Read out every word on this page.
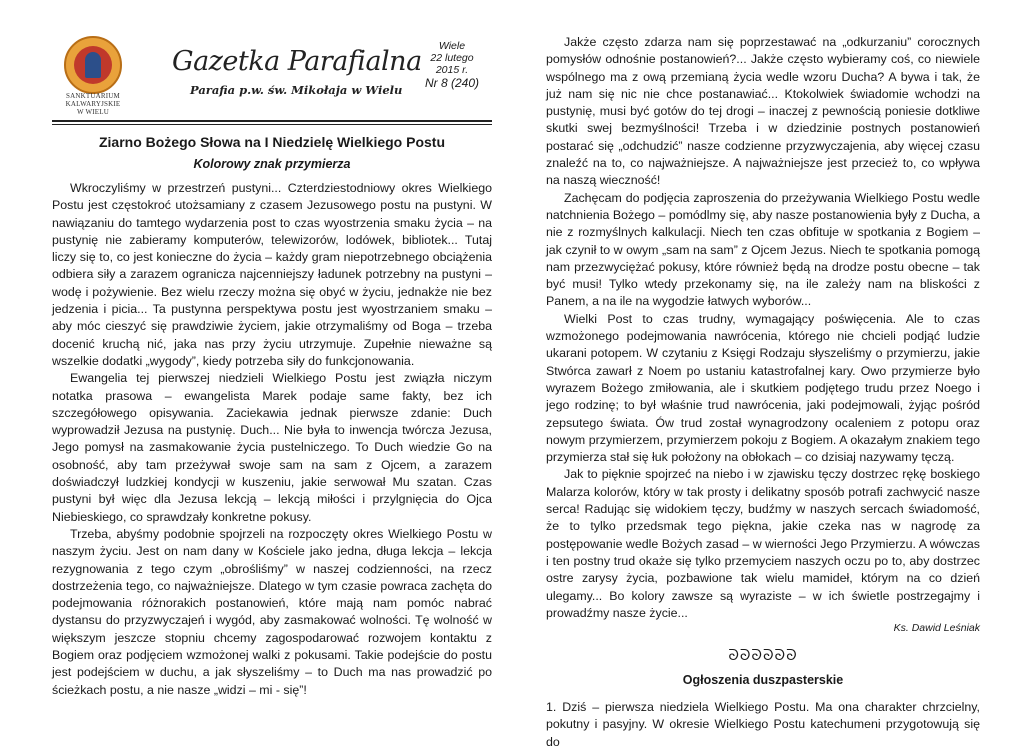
SANKTUARIUM
KALWARYJSKIE
W WIELU
Gazetka Parafialna
Parafia p.w. św. Mikołaja w Wielu
Wiele
22 lutego
2015 r.
Nr 8 (240)
Ziarno Bożego Słowa na I Niedzielę Wielkiego Postu
Kolorowy znak przymierza

Wkroczyliśmy w przestrzeń pustyni... Czterdziestodniowy okres Wielkiego Postu jest częstokroć utożsamiany z czasem Jezusowego postu na pustyni. W nawiązaniu do tamtego wydarzenia post to czas wyostrzenia smaku życia – na pustynię nie zabieramy komputerów, telewizorów, lodówek, bibliotek... Tutaj liczy się to, co jest konieczne do życia – każdy gram niepotrzebnego obciążenia odbiera siły a zarazem ogranicza najcenniejszy ładunek potrzebny na pustyni – wodę i pożywienie. Bez wielu rzeczy można się obyć w życiu, jednakże nie bez jedzenia i picia... Ta pustynna perspektywa postu jest wyostrzaniem smaku – aby móc cieszyć się prawdziwie życiem, jakie otrzymaliśmy od Boga – trzeba docenić kruchą nić, jaka nas przy życiu utrzymuje. Zupełnie nieważne są wszelkie dodatki „wygody”, kiedy potrzeba siły do funkcjonowania.

Ewangelia tej pierwszej niedzieli Wielkiego Postu jest związła niczym notatka prasowa – ewangelista Marek podaje same fakty, bez ich szczegółowego opisywania. Zaciekawia jednak pierwsze zdanie: Duch wyprowadził Jezusa na pustynię. Duch... Nie była to inwencja twórcza Jezusa, Jego pomysł na zasmakowanie życia pustelniczego. To Duch wiedzie Go na osobność, aby tam przeżywał swoje sam na sam z Ojcem, a zarazem doświadczył ludzkiej kondycji w kuszeniu, jakie serwował Mu szatan. Czas pustyni był więc dla Jezusa lekcją – lekcją miłości i przylgnięcia do Ojca Niebieskiego, co sprawdzały konkretne pokusy.

Trzeba, abyśmy podobnie spojrzeli na rozpoczęty okres Wielkiego Postu w naszym życiu. Jest on nam dany w Kościele jako jedna, długa lekcja – lekcja rezygnowania z tego czym „obrośliśmy” w naszej codzienności, na rzecz dostrzeżenia tego, co najważniejsze. Dlatego w tym czasie powraca zachęta do podejmowania różnorakich postanowień, które mają nam pomóc nabrać dystansu do przyzwyczajeń i wygód, aby zasmakować wolności. Tę wolność w większym jeszcze stopniu chcemy zagospodarować rozwojem kontaktu z Bogiem oraz podjęciem wzmożonej walki z pokusami. Takie podejście do postu jest podejściem w duchu, a jak słyszeliśmy – to Duch ma nas prowadzić po ścieżkach postu, a nie nasze „widzi – mi - się”!

Jakże często zdarza nam się poprzestawać na „odkurzaniu” corocznych pomysłów odnośnie postanowień?... Jakże często wybieramy coś, co niewiele wspólnego ma z ową przemianą życia wedle wzoru Ducha? A bywa i tak, że już nam się nic nie chce postanawiać... Ktokolwiek świadomie wchodzi na pustynię, musi być gotów do tej drogi – inaczej z pewnością poniesie dotkliwe skutki swej bezmyślności! Trzeba i w dziedzinie postnych postanowień postarać się „odchudzić” nasze codzienne przyzwyczajenia, aby więcej czasu znaleźć na to, co najważniejsze. A najważniejsze jest przecież to, co wpływa na naszą wieczność!

Zachęcam do podjęcia zaproszenia do przeżywania Wielkiego Postu wedle natchnienia Bożego – pomódlmy się, aby nasze postanowienia były z Ducha, a nie z rozmyślnych kalkulacji. Niech ten czas obfituje w spotkania z Bogiem – jak czynił to w owym „sam na sam” z Ojcem Jezus. Niech te spotkania pomogą nam przezwyciężać pokusy, które również będą na drodze postu obecne – tak być musi! Tylko wtedy przekonamy się, na ile zależy nam na bliskości z Panem, a na ile na wygodzie łatwych wyborów...

Wielki Post to czas trudny, wymagający poświęcenia. Ale to czas wzmożonego podejmowania nawrócenia, którego nie chcieli podjąć ludzie ukarani potopem. W czytaniu z Księgi Rodzaju słyszeliśmy o przymierzu, jakie Stwórca zawarł z Noem po ustaniu katastrofalnej kary. Owo przymierze było wyrazem Bożego zmiłowania, ale i skutkiem podjętego trudu przez Noego i jego rodzinę; to był właśnie trud nawrócenia, jaki podejmowali, żyjąc pośród zepsutego świata. Ów trud został wynagrodzony ocaleniem z potopu oraz nowym przymierzem, przymierzem pokoju z Bogiem. A okazałym znakiem tego przymierza stał się łuk położony na obłokach – co dzisiaj nazywamy tęczą.

Jak to pięknie spojrzeć na niebo i w zjawisku tęczy dostrzec rękę boskiego Malarza kolorów, który w tak prosty i delikatny sposób potrafi zachwycić nasze serca! Radując się widokiem tęczy, budźmy w naszych sercach świadomość, że to tylko przedsmak tego piękna, jakie czeka nas w nagrodę za postępowanie wedle Bożych zasad – w wierności Jego Przymierzu. A wówczas i ten postny trud okaże się tylko przemyciem naszych oczu po to, aby dostrzec ostre zarysy życia, pozbawione tak wielu mamideł, którym na co dzień ulegamy... Bo kolory zawsze są wyraziste – w ich świetle postrzegajmy i prowadźmy nasze życie...

Ks. Dawid Leśniak
ᘐᘐᘐᘐᘐᘐ
Ogłoszenia duszpasterskie

1. Dziś – pierwsza niedziela Wielkiego Postu. Ma ona charakter chrzcielny, pokutny i pasyjny. W okresie Wielkiego Postu katechumeni przygotowują się do
